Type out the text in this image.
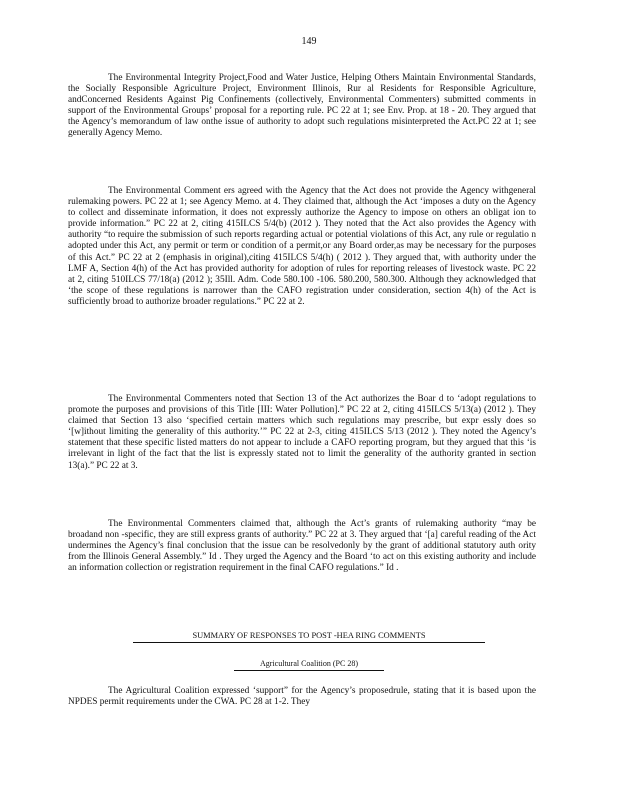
149

The Environmental Integrity Project,Food and Water Justice, Helping Others Maintain Environmental Standards, the Socially Responsible Agriculture Project, Environment Illinois, Rur al Residents for Responsible Agriculture, andConcerned Residents Against Pig Confinements (collectively, Environmental Commenters) submitted comments in support of the Environmental Groups’ proposal for a reporting rule. PC 22 at 1; see Env. Prop. at 18 - 20. They argued that the Agency’s memorandum of law onthe issue of authority to adopt such regulations misinterpreted the Act.PC 22 at 1; see generally Agency Memo.

The Environmental Comment ers agreed with the Agency that the Act does not provide the Agency withgeneral rulemaking powers. PC 22 at 1; see Agency Memo. at 4. They claimed that, although the Act ‘imposes a duty on the Agency to collect and disseminate information, it does not expressly authorize the Agency to impose on others an obligat ion to provide information.” PC 22 at 2, citing 415ILCS 5/4(b) (2012 ). They noted that the Act also provides the Agency with authority “to require the submission of such reports regarding actual or potential violations of this Act, any rule or regulatio n adopted under this Act, any permit or term or condition of a permit,or any Board order,as may be necessary for the purposes of this Act.” PC 22 at 2 (emphasis in original),citing 415ILCS 5/4(h) ( 2012 ). They argued that, with authority under the LMF A, Section 4(h) of the Act has provided authority for adoption of rules for reporting releases of livestock waste. PC 22 at 2, citing 510ILCS 77/18(a) (2012 ); 35Ill. Adm. Code 580.100 -106. 580.200, 580.300. Although they acknowledged that ‘the scope of these regulations is narrower than the CAFO registration under consideration, section 4(h) of the Act is sufficiently broad to authorize broader regulations.” PC 22 at 2.

The Environmental Commenters noted that Section 13 of the Act authorizes the Boar d to ‘adopt regulations to promote the purposes and provisions of this Title [III: Water Pollution].” PC 22 at 2, citing 415ILCS 5/13(a) (2012 ). They claimed that Section 13 also ‘specified certain matters which such regulations may prescribe, but expr essly does so ‘[w]ithout limiting the generality of this authority.’” PC 22 at 2-3, citing 415ILCS 5/13 (2012 ). They noted the Agency’s statement that these specific listed matters do not appear to include a CAFO reporting program, but they argued that this ‘is irrelevant in light of the fact that the list is expressly stated not to limit the generality of the authority granted in section 13(a).” PC 22 at 3.

The Environmental Commenters claimed that, although the Act’s grants of rulemaking authority “may be broadand non -specific, they are still express grants of authority.” PC 22 at 3. They argued that ‘[a] careful reading of the Act undermines the Agency’s final conclusion that the issue can be resolvedonly by the grant of additional statutory auth ority from the Illinois General Assembly.” Id . They urged the Agency and the Board ‘to act on this existing authority and include an information collection or registration requirement in the final CAFO regulations.” Id .

SUMMARY OF RESPONSES TO POST -HEA RING COMMENTS
Agricultural Coalition (PC 28)

The Agricultural Coalition expressed ‘support” for the Agency’s proposedrule, stating that it is based upon the NPDES permit requirements under the CWA. PC 28 at 1-2. They
